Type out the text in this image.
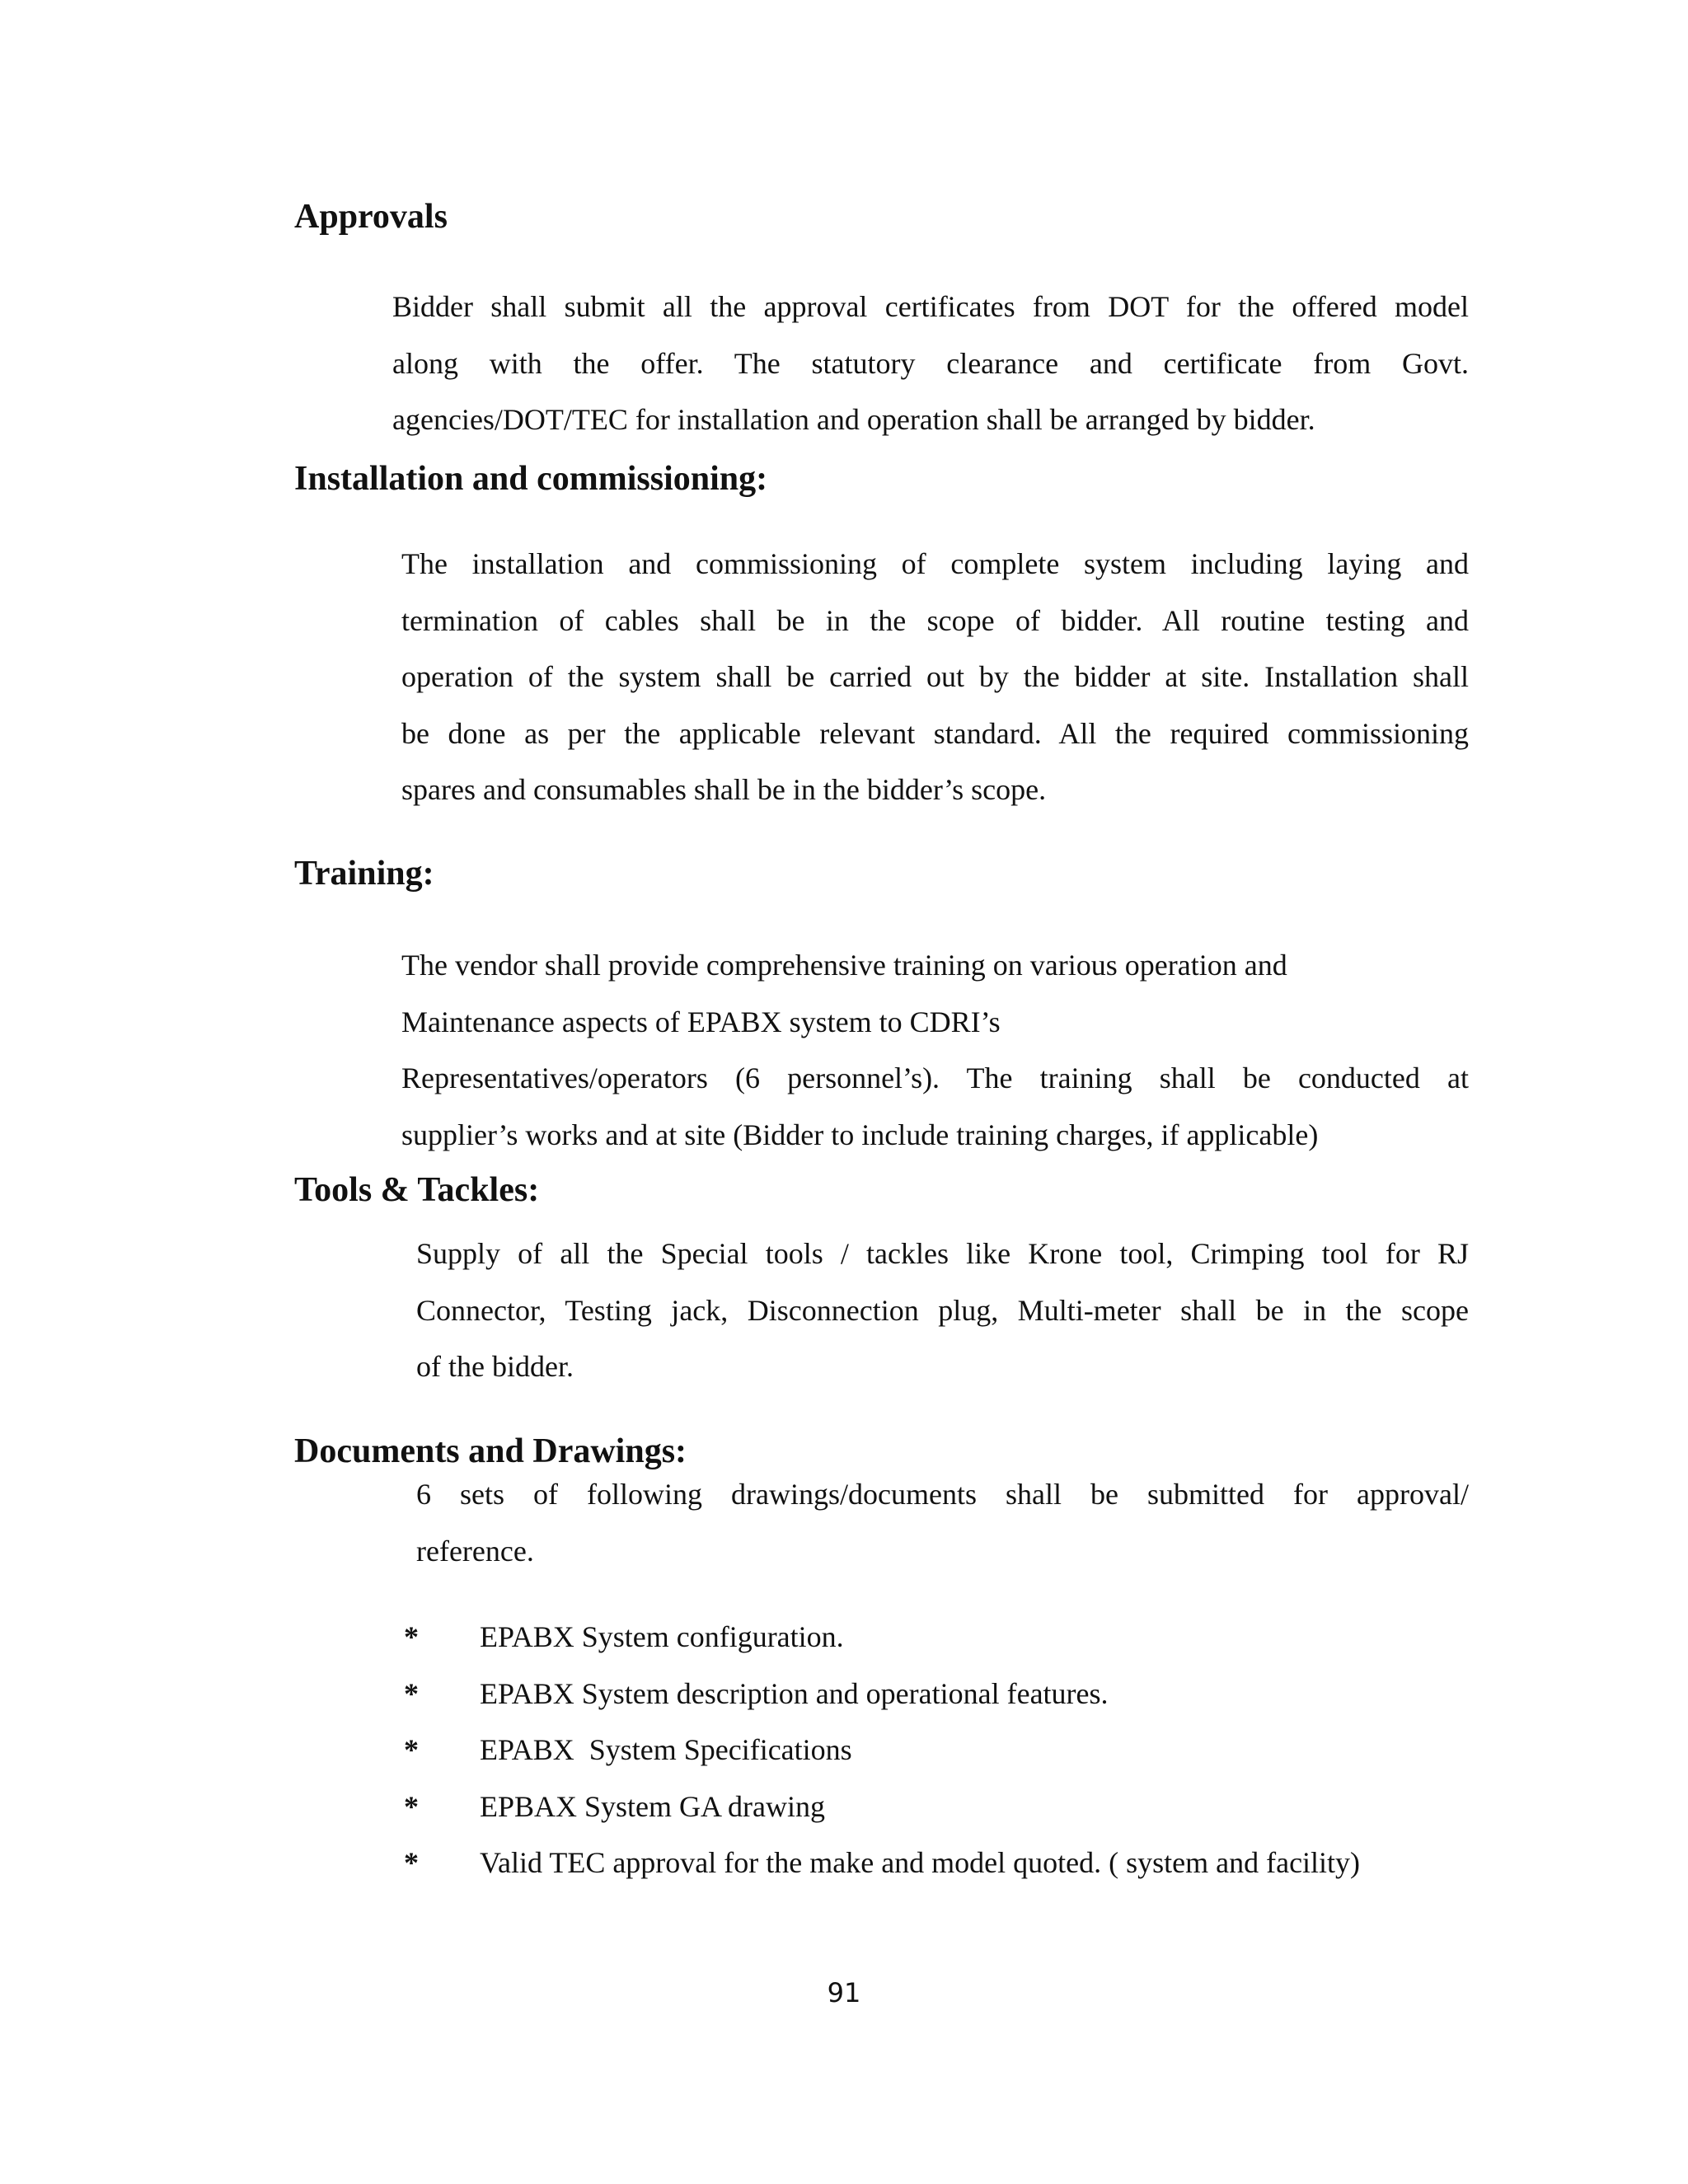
Approvals
Bidder shall submit all the approval certificates from DOT for the offered model
along with the offer. The statutory clearance and certificate from Govt.
agencies/DOT/TEC for installation and operation shall be arranged by bidder.
Installation and commissioning:
The installation and commissioning of complete system including laying and
termination of cables shall be in the scope of bidder. All routine testing and
operation of the system shall be carried out by the bidder at site. Installation shall
be done as per the applicable relevant standard. All the required commissioning
spares and consumables shall be in the bidder’s scope.
Training:
The vendor shall provide comprehensive training on various operation and
Maintenance aspects of EPABX system to CDRI’s
Representatives/operators (6 personnel’s). The training shall be conducted at
supplier’s works and at site (Bidder to include training charges, if applicable)
Tools & Tackles:
Supply of all the Special tools / tackles like Krone tool, Crimping tool for RJ
Connector, Testing jack, Disconnection plug, Multi-meter shall be in the scope
of the bidder.
Documents and Drawings:
6 sets of following drawings/documents shall be submitted for approval/
reference.
*	EPABX System configuration.
*	EPABX System description and operational features.
*	EPABX  System Specifications
*	EPBAX System GA drawing
*	Valid TEC approval for the make and model quoted. ( system and facility)
91
